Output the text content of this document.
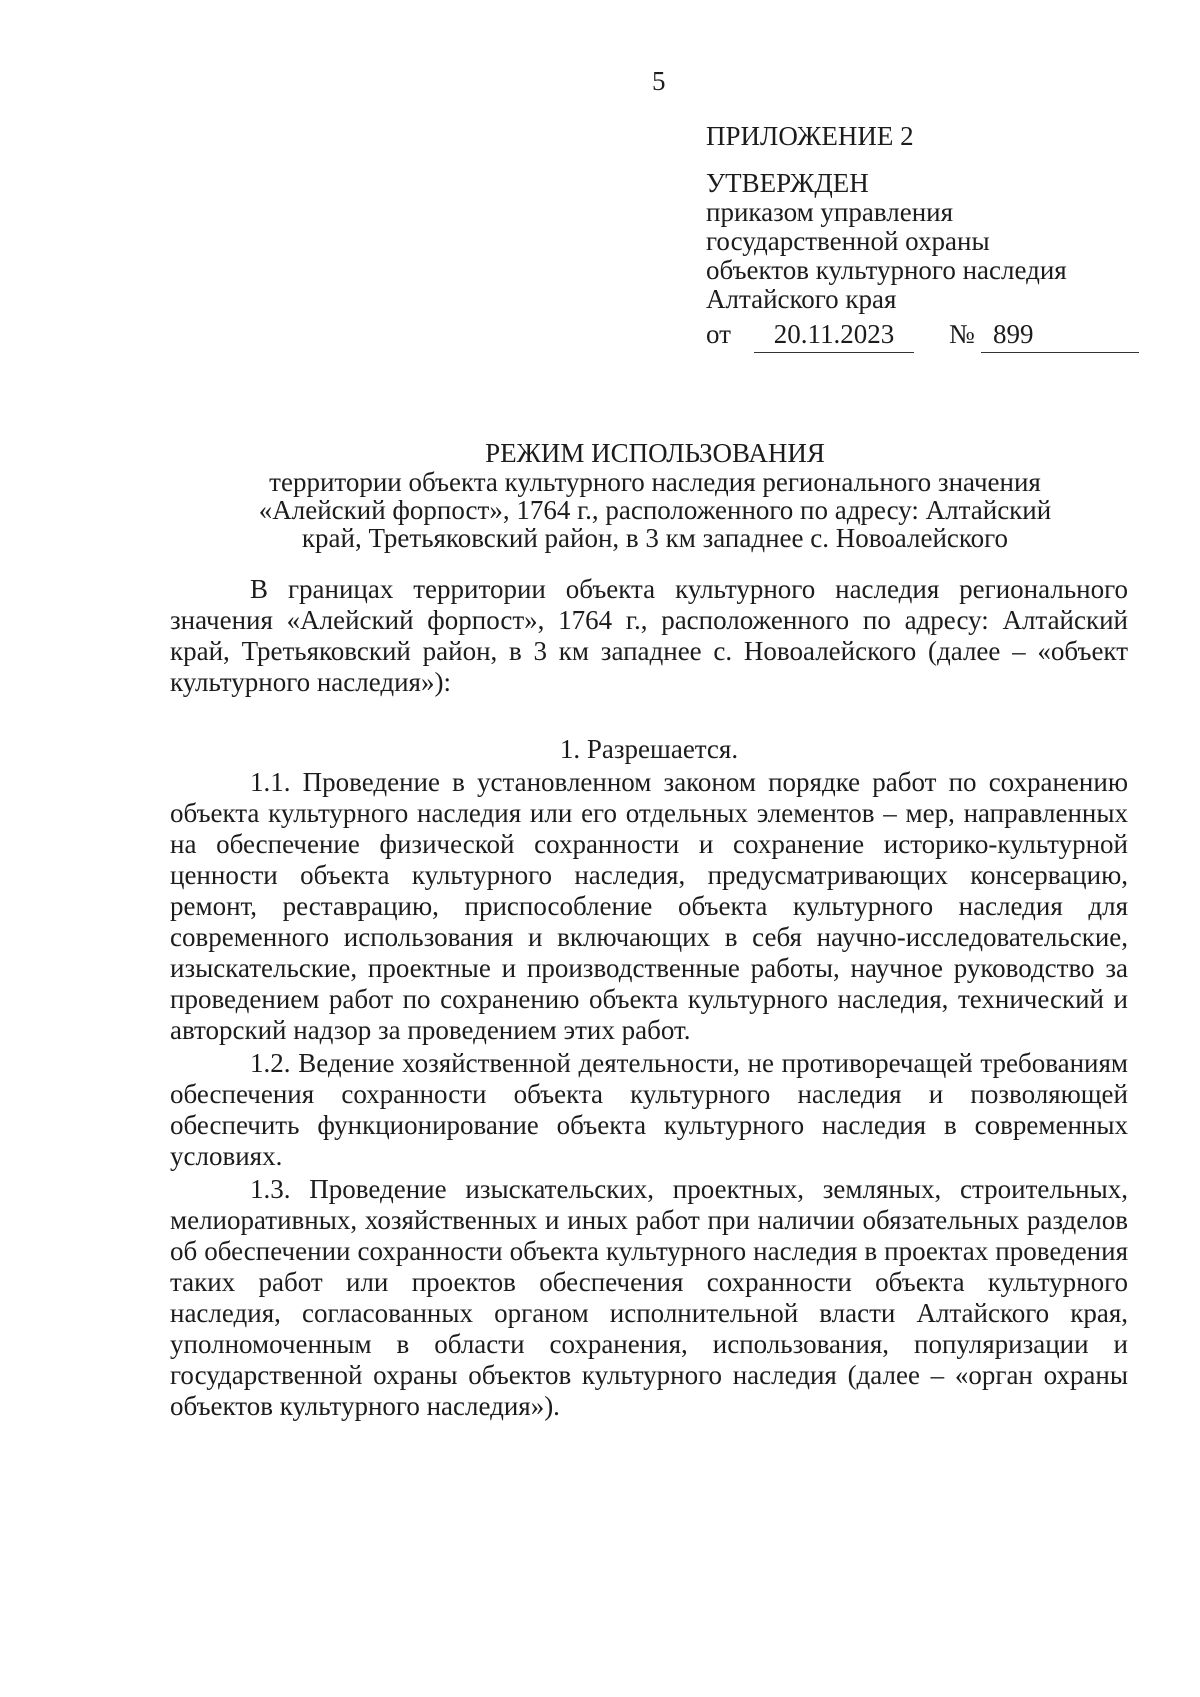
5
ПРИЛОЖЕНИЕ 2
УТВЕРЖДЕН
приказом управления
государственной охраны
объектов культурного наследия
Алтайского края
от	20.11.2023	№ 899
РЕЖИМ ИСПОЛЬЗОВАНИЯ
территории объекта культурного наследия регионального значения
«Алейский форпост», 1764 г., расположенного по адресу: Алтайский
край, Третьяковский район, в 3 км западнее с. Новоалейского

В границах территории объекта культурного наследия регионального значения «Алейский форпост», 1764 г., расположенного по адресу: Алтайский край, Третьяковский район, в 3 км западнее с. Новоалейского (далее – «объект культурного наследия»):

1. Разрешается.

1.1. Проведение в установленном законом порядке работ по сохранению объекта культурного наследия или его отдельных элементов – мер, направленных на обеспечение физической сохранности и сохранение историко-культурной ценности объекта культурного наследия, предусматривающих консервацию, ремонт, реставрацию, приспособление объекта культурного наследия для современного использования и включающих в себя научно-исследовательские, изыскательские, проектные и производственные работы, научное руководство за проведением работ по сохранению объекта культурного наследия, технический и авторский надзор за проведением этих работ.

1.2. Ведение хозяйственной деятельности, не противоречащей требованиям обеспечения сохранности объекта культурного наследия и позволяющей обеспечить функционирование объекта культурного наследия в современных условиях.

1.3. Проведение изыскательских, проектных, земляных, строительных, мелиоративных, хозяйственных и иных работ при наличии обязательных разделов об обеспечении сохранности объекта культурного наследия в проектах проведения таких работ или проектов обеспечения сохранности объекта культурного наследия, согласованных органом исполнительной власти Алтайского края, уполномоченным в области сохранения, использования, популяризации и государственной охраны объектов культурного наследия (далее – «орган охраны объектов культурного наследия»).
